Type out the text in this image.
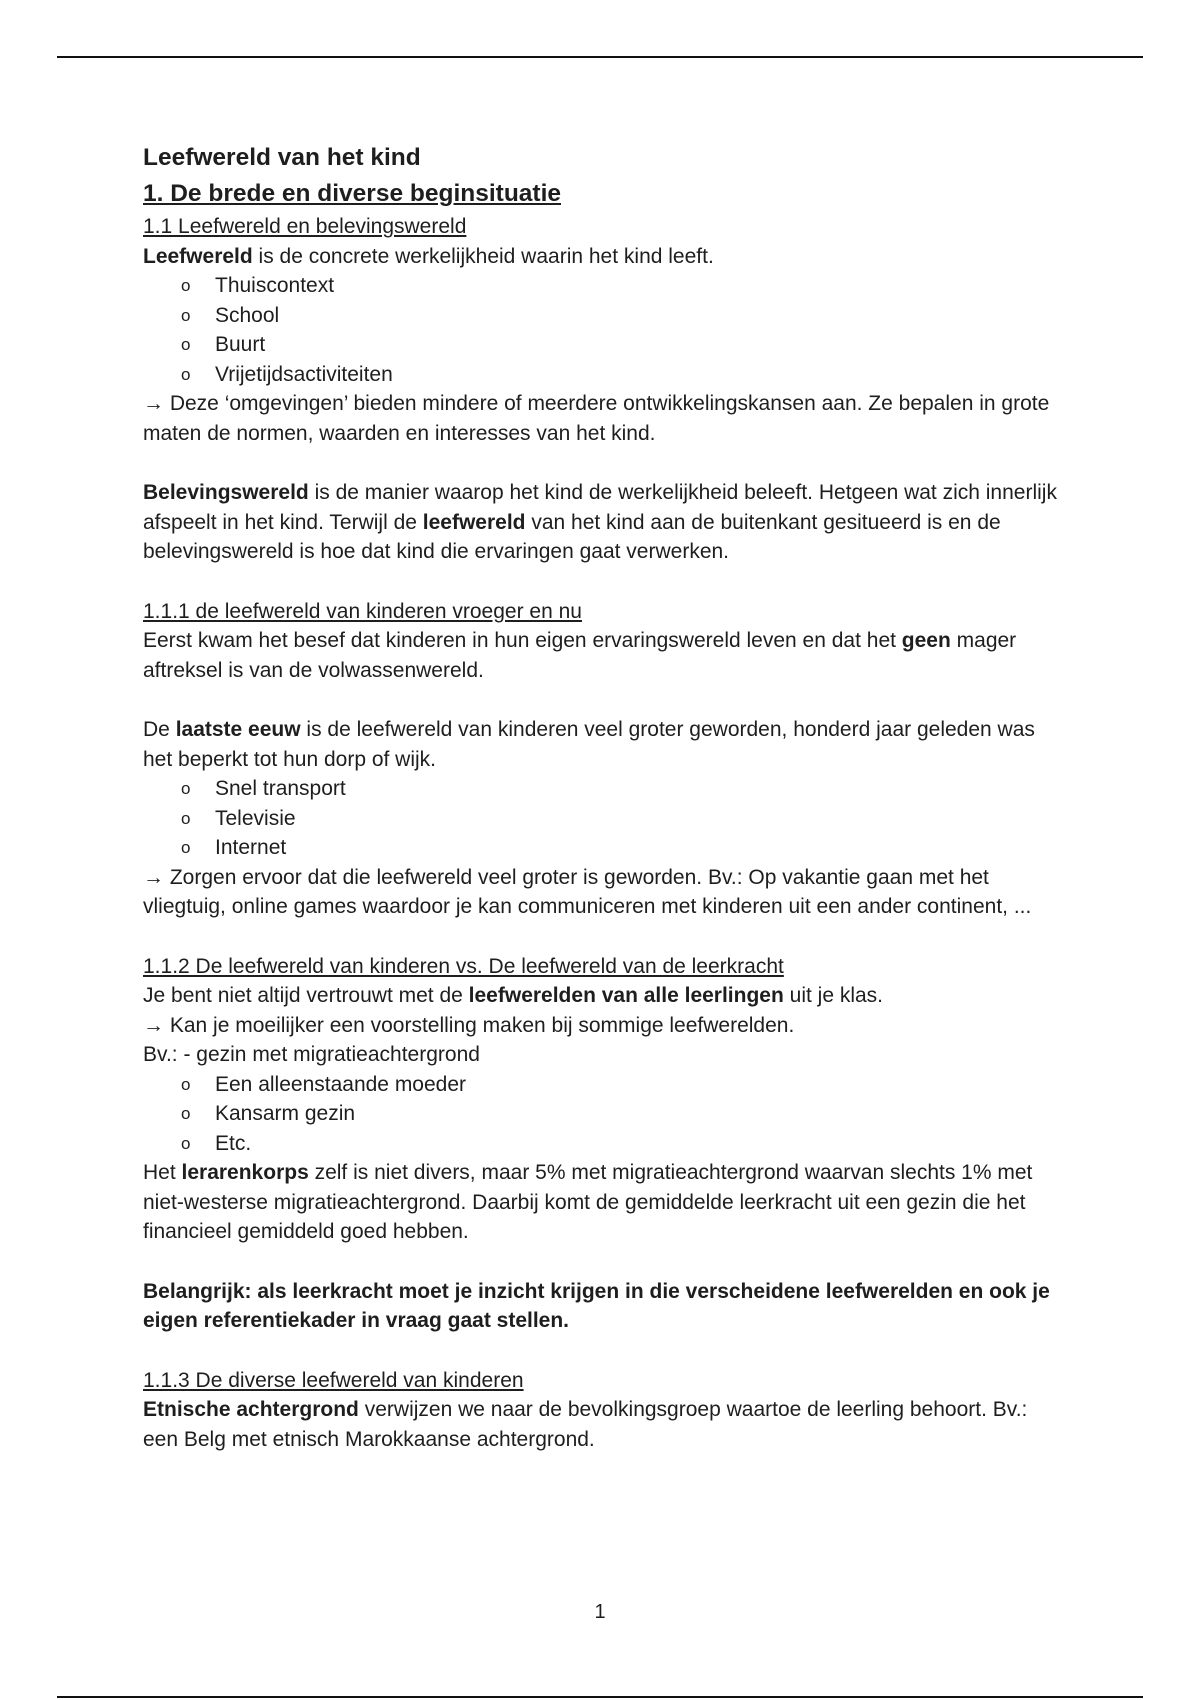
Leefwereld van het kind
1. De brede en diverse beginsituatie
1.1 Leefwereld en belevingswereld

Leefwereld is de concrete werkelijkheid waarin het kind leeft.

o Thuiscontext
o School
o Buurt
o Vrijetijdsactiviteiten

→ Deze ‘omgevingen’ bieden mindere of meerdere ontwikkelingskansen aan. Ze bepalen in grote maten de normen, waarden en interesses van het kind.

Belevingswereld is de manier waarop het kind de werkelijkheid beleeft. Hetgeen wat zich innerlijk afspeelt in het kind. Terwijl de leefwereld van het kind aan de buitenkant gesitueerd is en de belevingswereld is hoe dat kind die ervaringen gaat verwerken.

1.1.1 de leefwereld van kinderen vroeger en nu

Eerst kwam het besef dat kinderen in hun eigen ervaringswereld leven en dat het geen mager aftreksel is van de volwassenwereld.

De laatste eeuw is de leefwereld van kinderen veel groter geworden, honderd jaar geleden was het beperkt tot hun dorp of wijk.

o Snel transport
o Televisie
o Internet

→ Zorgen ervoor dat die leefwereld veel groter is geworden. Bv.: Op vakantie gaan met het vliegtuig, online games waardoor je kan communiceren met kinderen uit een ander continent, ...

1.1.2 De leefwereld van kinderen vs. De leefwereld van de leerkracht

Je bent niet altijd vertrouwt met de leefwerelden van alle leerlingen uit je klas.

→ Kan je moeilijker een voorstelling maken bij sommige leefwerelden.

Bv.: - gezin met migratieachtergrond

o Een alleenstaande moeder
o Kansarm gezin
o Etc.

Het lerarenkorps zelf is niet divers, maar 5% met migratieachtergrond waarvan slechts 1% met niet-westerse migratieachtergrond. Daarbij komt de gemiddelde leerkracht uit een gezin die het financieel gemiddeld goed hebben.

Belangrijk: als leerkracht moet je inzicht krijgen in die verscheidene leefwerelden en ook je eigen referentiekader in vraag gaat stellen.

1.1.3 De diverse leefwereld van kinderen

Etnische achtergrond verwijzen we naar de bevolkingsgroep waartoe de leerling behoort. Bv.: een Belg met etnisch Marokkaanse achtergrond.

1
